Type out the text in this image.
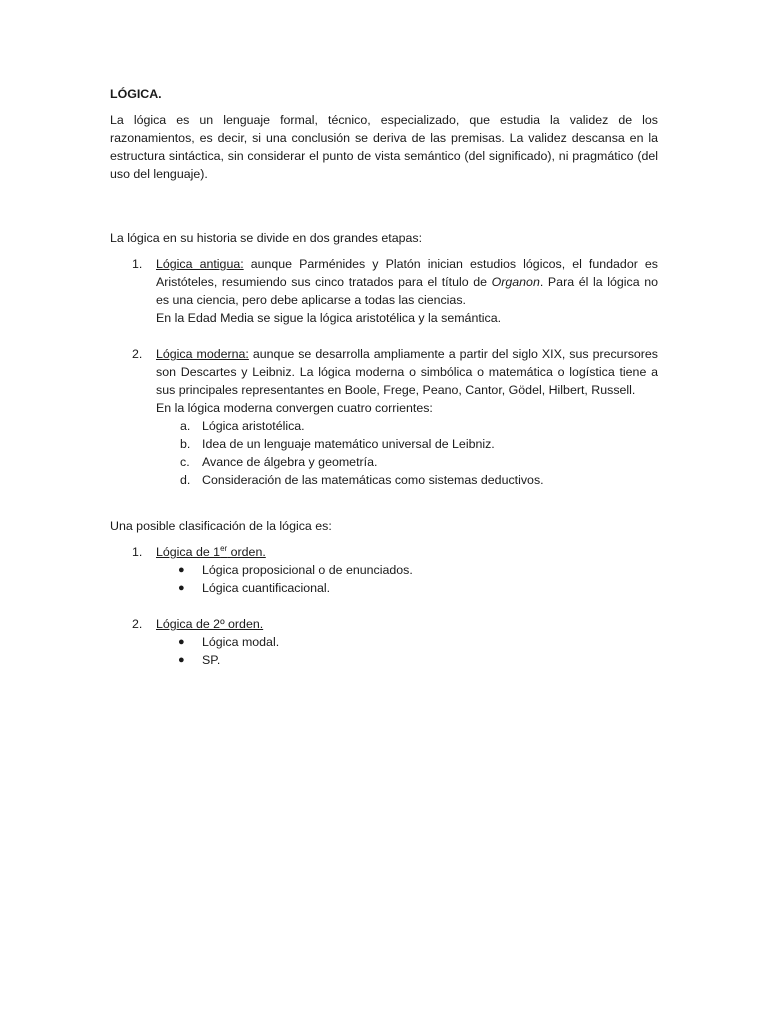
LÓGICA.

La lógica es un lenguaje formal, técnico, especializado, que estudia la validez de los razonamientos, es decir, si una conclusión se deriva de las premisas. La validez descansa en la estructura sintáctica, sin considerar el punto de vista semántico (del significado), ni pragmático (del uso del lenguaje).

La lógica en su historia se divide en dos grandes etapas:

1. Lógica antigua: aunque Parménides y Platón inician estudios lógicos, el fundador es Aristóteles, resumiendo sus cinco tratados para el título de Organon. Para él la lógica no es una ciencia, pero debe aplicarse a todas las ciencias.

En la Edad Media se sigue la lógica aristotélica y la semántica.

2. Lógica moderna: aunque se desarrolla ampliamente a partir del siglo XIX, sus precursores son Descartes y Leibniz. La lógica moderna o simbólica o matemática o logística tiene a sus principales representantes en Boole, Frege, Peano, Cantor, Gödel, Hilbert, Russell.

En la lógica moderna convergen cuatro corrientes:

a. Lógica aristotélica.
b. Idea de un lenguaje matemático universal de Leibniz.
c. Avance de álgebra y geometría.
d. Consideración de las matemáticas como sistemas deductivos.

Una posible clasificación de la lógica es:

1. Lógica de 1er orden.

● Lógica proposicional o de enunciados.
● Lógica cuantificacional.
2. Lógica de 2º orden.

● Lógica modal.
● SP.
